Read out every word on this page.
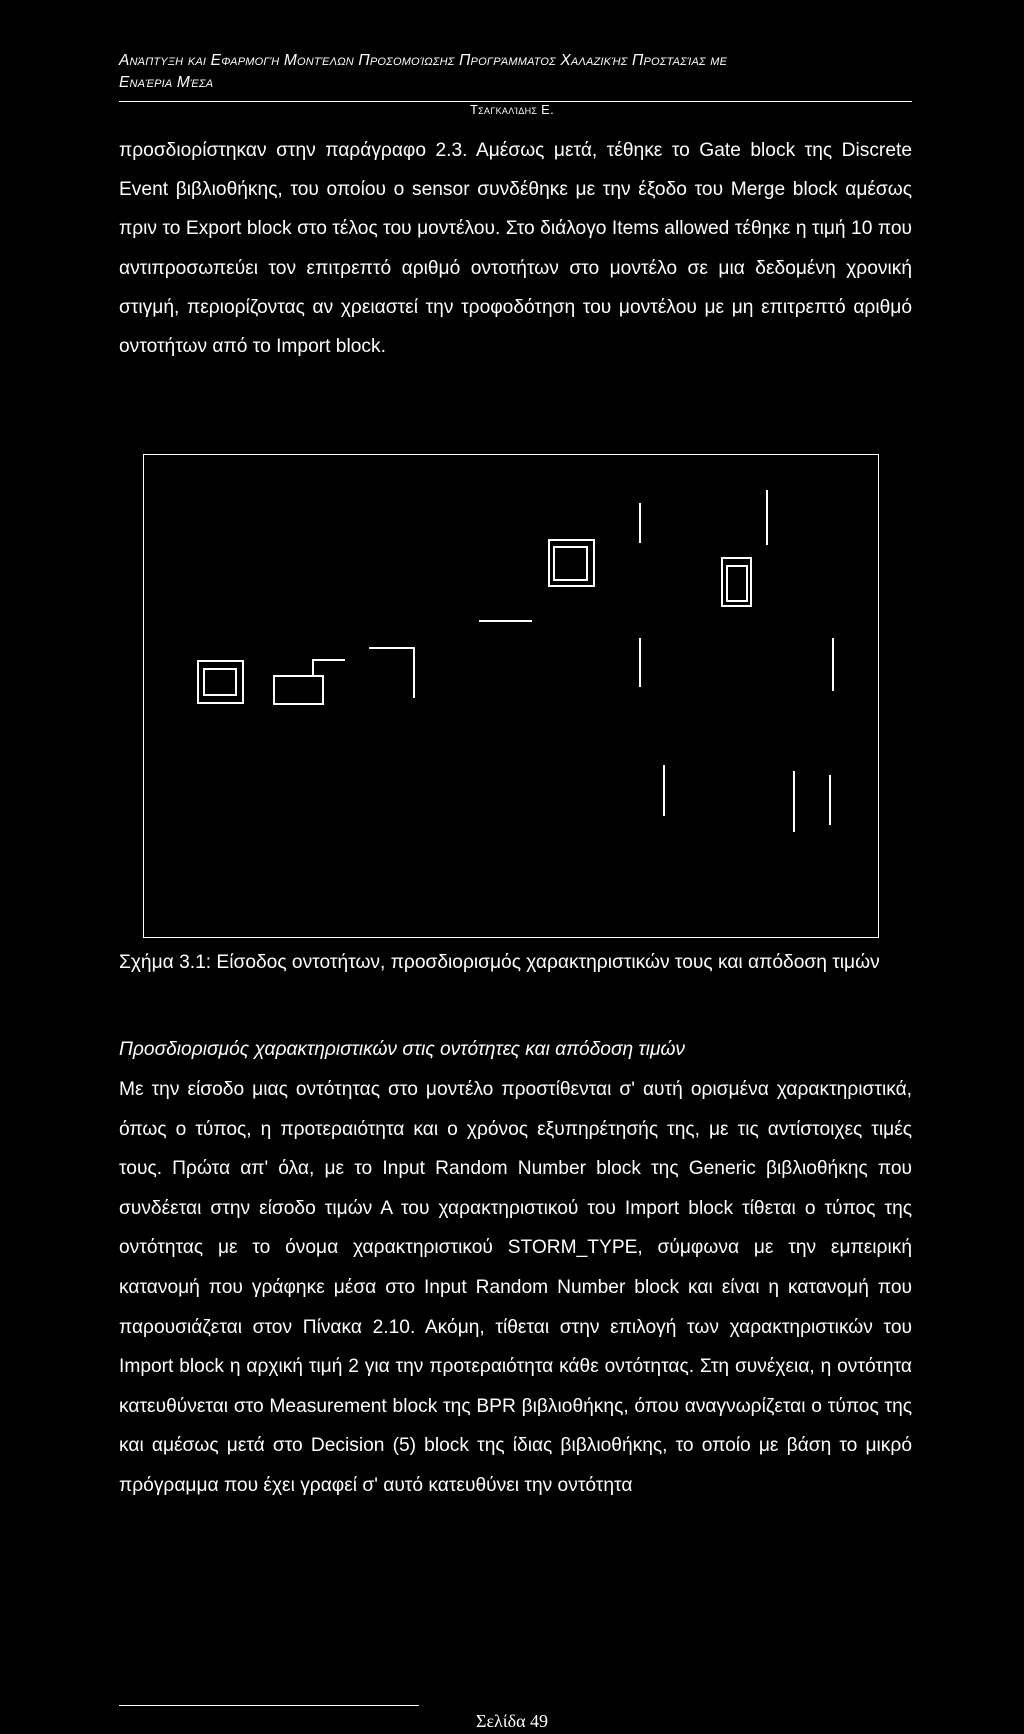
Ανάπτυξη και Εφαρμογή Μοντέλων Προσομοίωσης Προγράμματος Χαλαζικής Προστασίας με
Εναέρια Μέσα
Τσαγκαλίδης Ε.

προσδιορίστηκαν στην παράγραφο 2.3. Αμέσως μετά, τέθηκε το Gate block της Discrete Event βιβλιοθήκης, του οποίου ο sensor συνδέθηκε με την έξοδο του Merge block αμέσως πριν το Export block στο τέλος του μοντέλου. Στο διάλογο Items allowed τέθηκε η τιμή 10 που αντιπροσωπεύει τον επιτρεπτό αριθμό οντοτήτων στο μοντέλο σε μια δεδομένη χρονική στιγμή, περιορίζοντας αν χρειαστεί την τροφοδότηση του μοντέλου με μη επιτρεπτό αριθμό οντοτήτων από το Import block.

Σχήμα 3.1: Είσοδος οντοτήτων, προσδιορισμός χαρακτηριστικών τους και απόδοση τιμών
Προσδιορισμός χαρακτηριστικών στις οντότητες και απόδοση τιμών

Με την είσοδο μιας οντότητας στο μοντέλο προστίθενται σ' αυτή ορισμένα χαρακτηριστικά, όπως ο τύπος, η προτεραιότητα και ο χρόνος εξυπηρέτησής της, με τις αντίστοιχες τιμές τους. Πρώτα απ' όλα, με το Input Random Number block της Generic βιβλιοθήκης που συνδέεται στην είσοδο τιμών Α του χαρακτηριστικού του Import block τίθεται ο τύπος της οντότητας με το όνομα χαρακτηριστικού STORM_TYPE, σύμφωνα με την εμπειρική κατανομή που γράφηκε μέσα στο Input Random Number block και είναι η κατανομή που παρουσιάζεται στον Πίνακα 2.10. Ακόμη, τίθεται στην επιλογή των χαρακτηριστικών του Import block η αρχική τιμή 2 για την προτεραιότητα κάθε οντότητας. Στη συνέχεια, η οντότητα κατευθύνεται στο Measurement block της BPR βιβλιοθήκης, όπου αναγνωρίζεται ο τύπος της και αμέσως μετά στο Decision (5) block της ίδιας βιβλιοθήκης, το οποίο με βάση το μικρό πρόγραμμα που έχει γραφεί σ' αυτό κατευθύνει την οντότητα

Σελίδα 49
